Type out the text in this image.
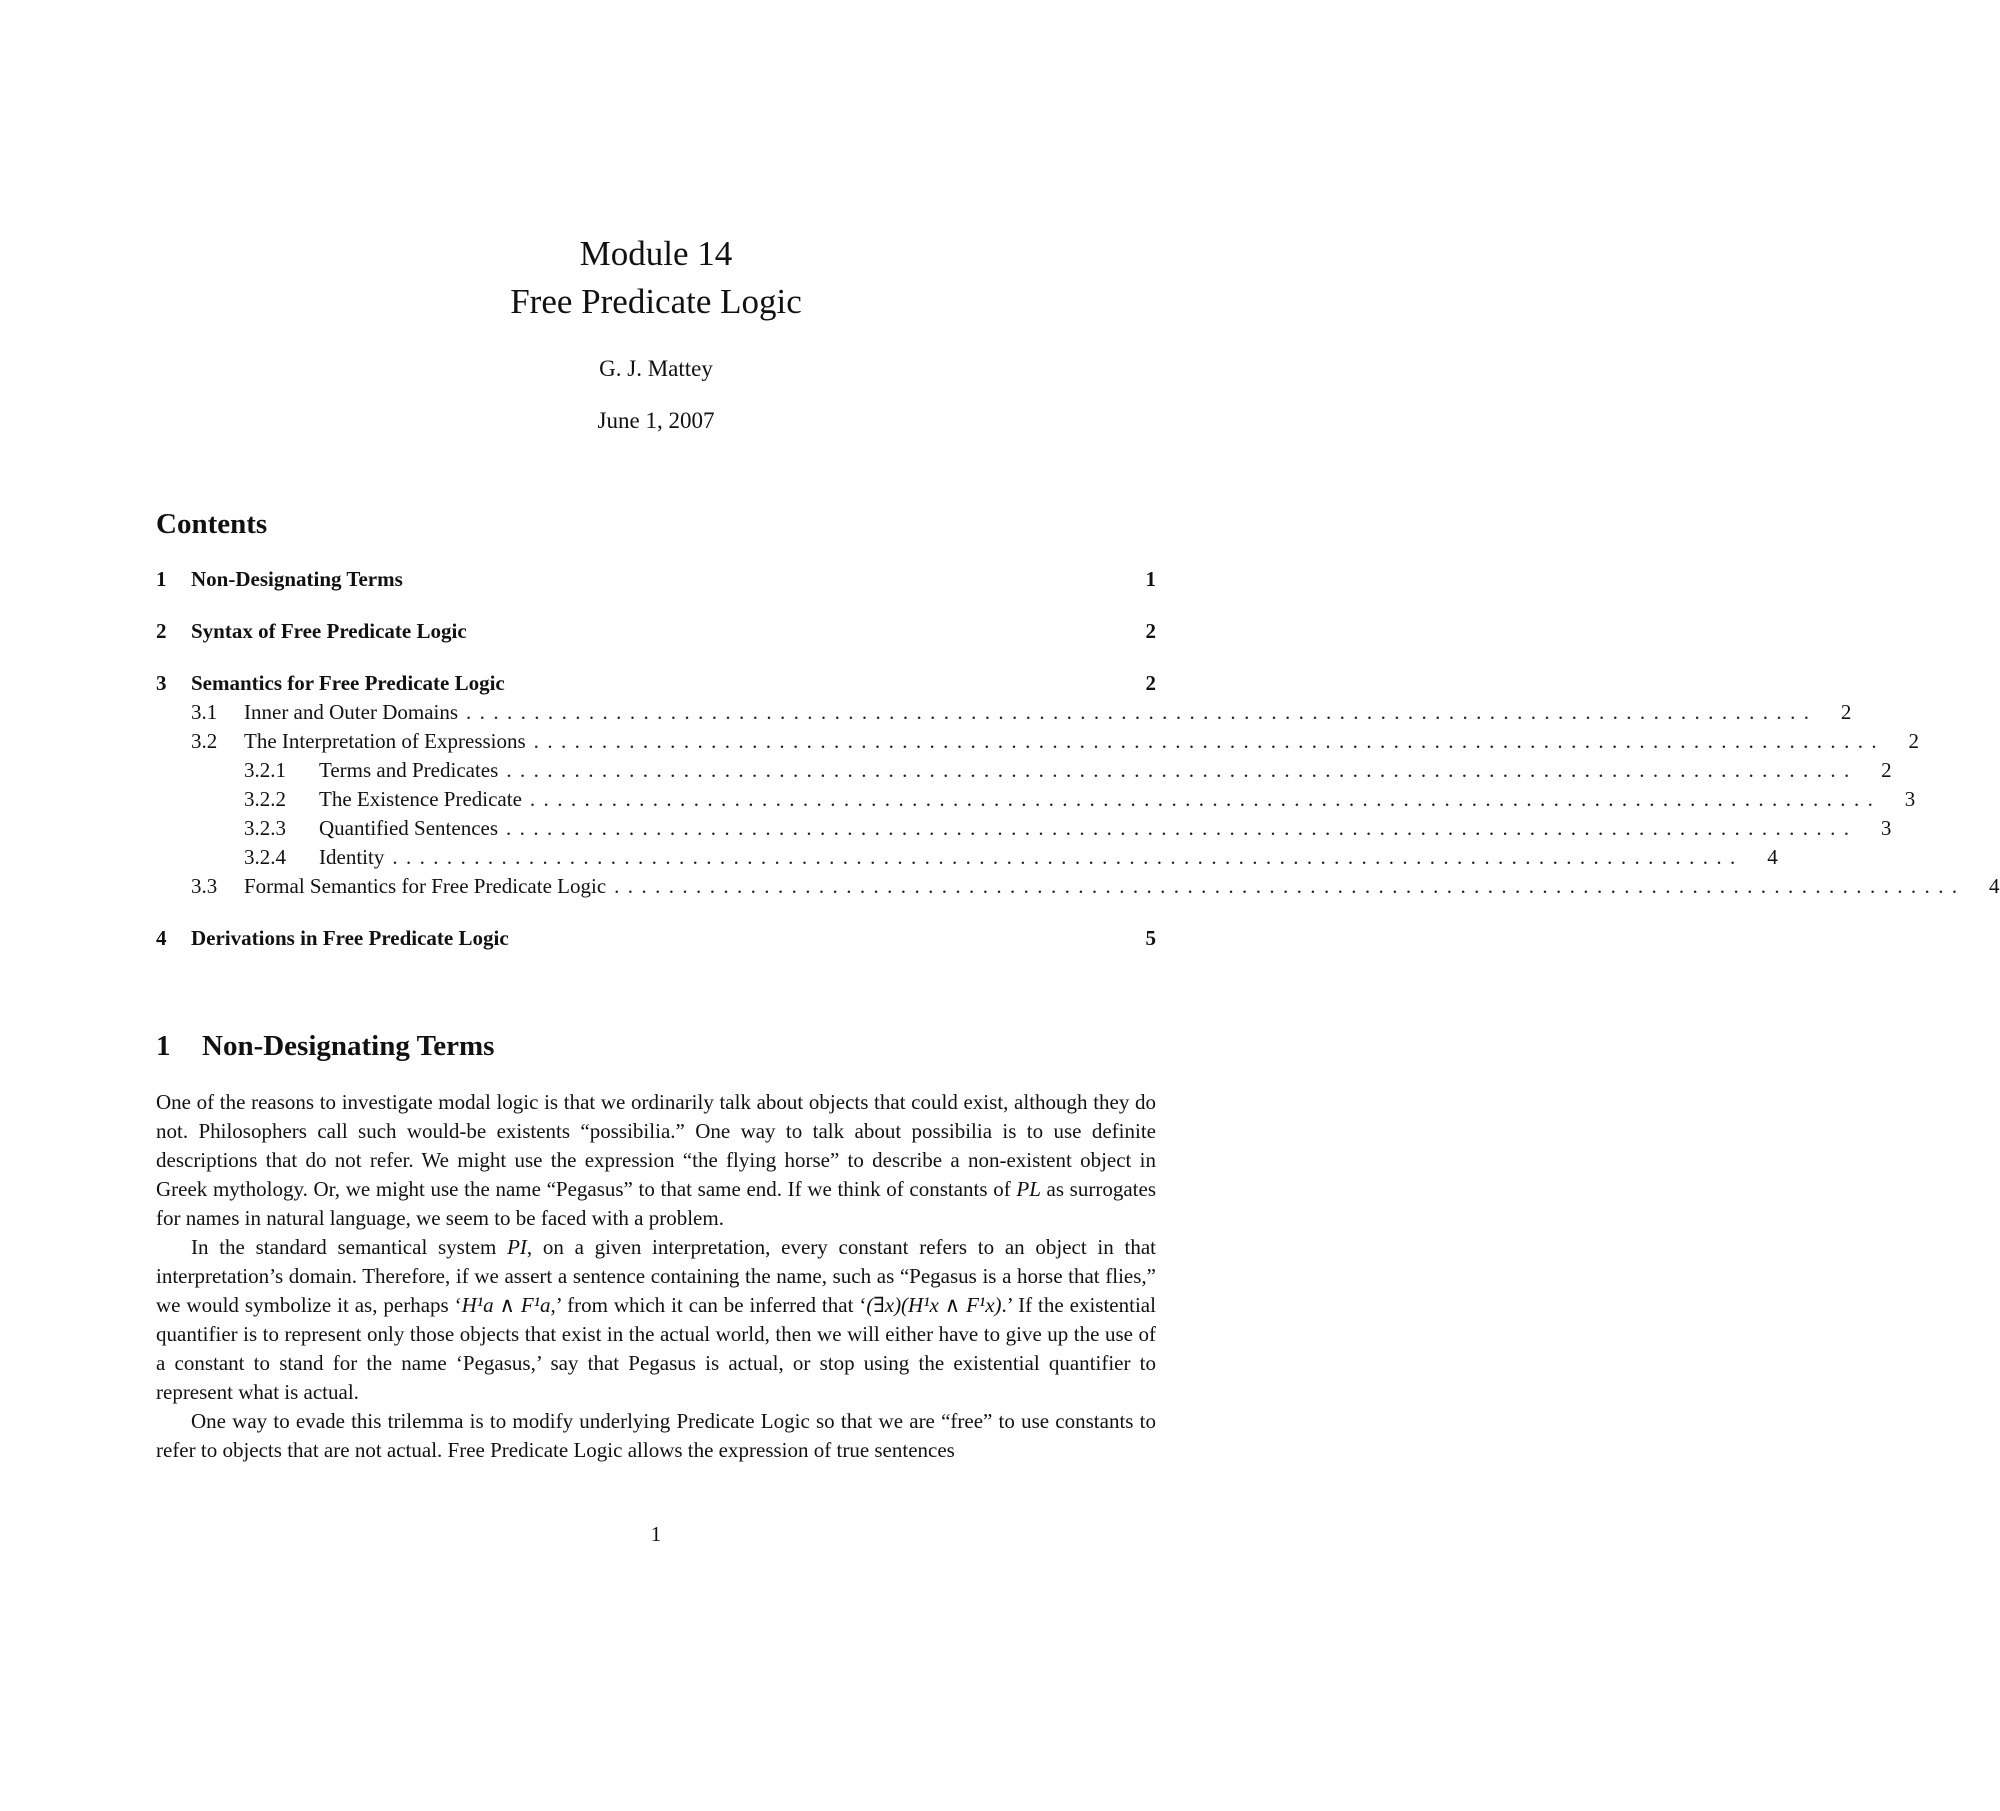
Module 14
Free Predicate Logic
G. J. Mattey
June 1, 2007
Contents
1	Non-Designating Terms	1
2	Syntax of Free Predicate Logic	2
3	Semantics for Free Predicate Logic	2
3.1	Inner and Outer Domains ...................................................................................................	2
3.2	The Interpretation of Expressions ...................................................................................................	2
3.2.1	Terms and Predicates ...................................................................................................	2
3.2.2	The Existence Predicate ...................................................................................................	3
3.2.3	Quantified Sentences ...................................................................................................	3
3.2.4	Identity ...................................................................................................	4
3.3	Formal Semantics for Free Predicate Logic ...................................................................................................	4
4	Derivations in Free Predicate Logic	5
1	Non-Designating Terms

One of the reasons to investigate modal logic is that we ordinarily talk about objects that could exist, although they do not. Philosophers call such would-be existents “possibilia.” One way to talk about possibilia is to use definite descriptions that do not refer. We might use the expression “the flying horse” to describe a non-existent object in Greek mythology. Or, we might use the name “Pegasus” to that same end. If we think of constants of PL as surrogates for names in natural language, we seem to be faced with a problem.

In the standard semantical system PI, on a given interpretation, every constant refers to an object in that interpretation’s domain. Therefore, if we assert a sentence containing the name, such as “Pegasus is a horse that flies,” we would symbolize it as, perhaps ‘H¹a ∧ F¹a,’ from which it can be inferred that ‘(∃x)(H¹x ∧ F¹x).’ If the existential quantifier is to represent only those objects that exist in the actual world, then we will either have to give up the use of a constant to stand for the name ‘Pegasus,’ say that Pegasus is actual, or stop using the existential quantifier to represent what is actual.

One way to evade this trilemma is to modify underlying Predicate Logic so that we are “free” to use constants to refer to objects that are not actual. Free Predicate Logic allows the expression of true sentences

1
